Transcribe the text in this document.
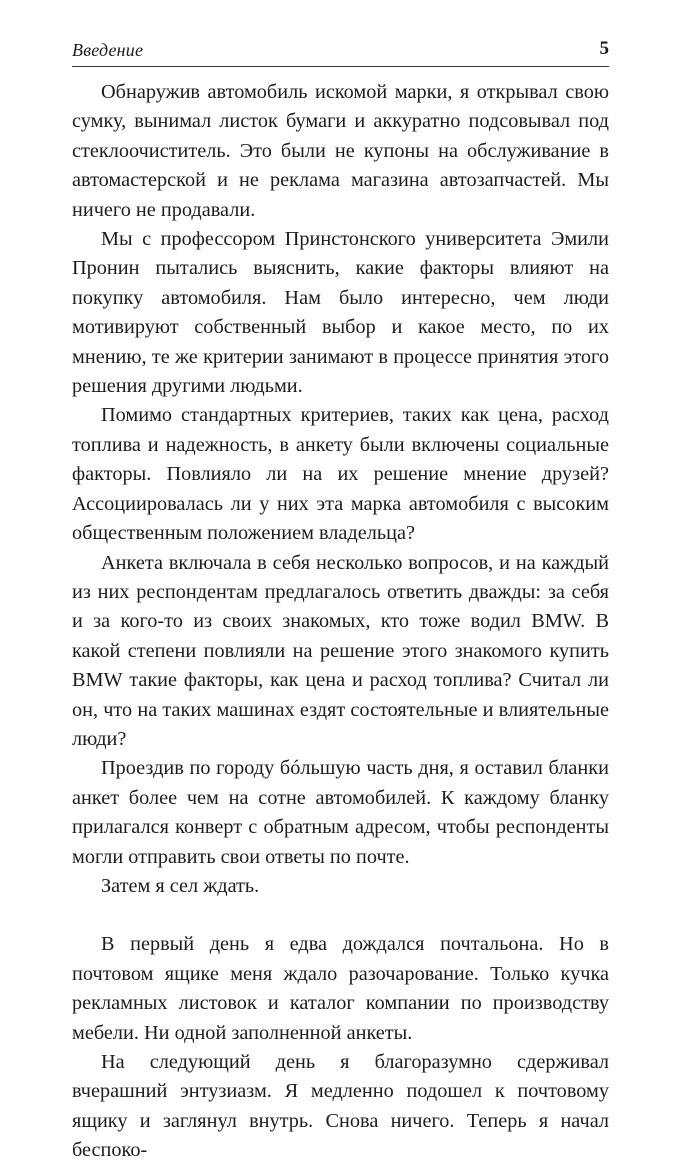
Введение	5

Обнаружив автомобиль искомой марки, я открывал свою сумку, вынимал листок бумаги и аккуратно подсовывал под стеклоочиститель. Это были не купоны на обслуживание в автомастерской и не реклама магазина автозапчастей. Мы ничего не продавали.

Мы с профессором Принстонского университета Эмили Пронин пытались выяснить, какие факторы влияют на покупку автомобиля. Нам было интересно, чем люди мотивируют собственный выбор и какое место, по их мнению, те же критерии занимают в процессе принятия этого решения другими людьми.

Помимо стандартных критериев, таких как цена, расход топлива и надежность, в анкету были включены социальные факторы. Повлияло ли на их решение мнение друзей? Ассоциировалась ли у них эта марка автомобиля с высоким общественным положением владельца?

Анкета включала в себя несколько вопросов, и на каждый из них респондентам предлагалось ответить дважды: за себя и за кого-то из своих знакомых, кто тоже водил BMW. В какой степени повлияли на решение этого знакомого купить BMW такие факторы, как цена и расход топлива? Считал ли он, что на таких машинах ездят состоятельные и влиятельные люди?

Проездив по городу бóльшую часть дня, я оставил бланки анкет более чем на сотне автомобилей. К каждому бланку прилагался конверт с обратным адресом, чтобы респонденты могли отправить свои ответы по почте.

Затем я сел ждать.

В первый день я едва дождался почтальона. Но в почтовом ящике меня ждало разочарование. Только кучка рекламных листовок и каталог компании по производству мебели. Ни одной заполненной анкеты.

На следующий день я благоразумно сдерживал вчерашний энтузиазм. Я медленно подошел к почтовому ящику и заглянул внутрь. Снова ничего. Теперь я начал беспоко-
